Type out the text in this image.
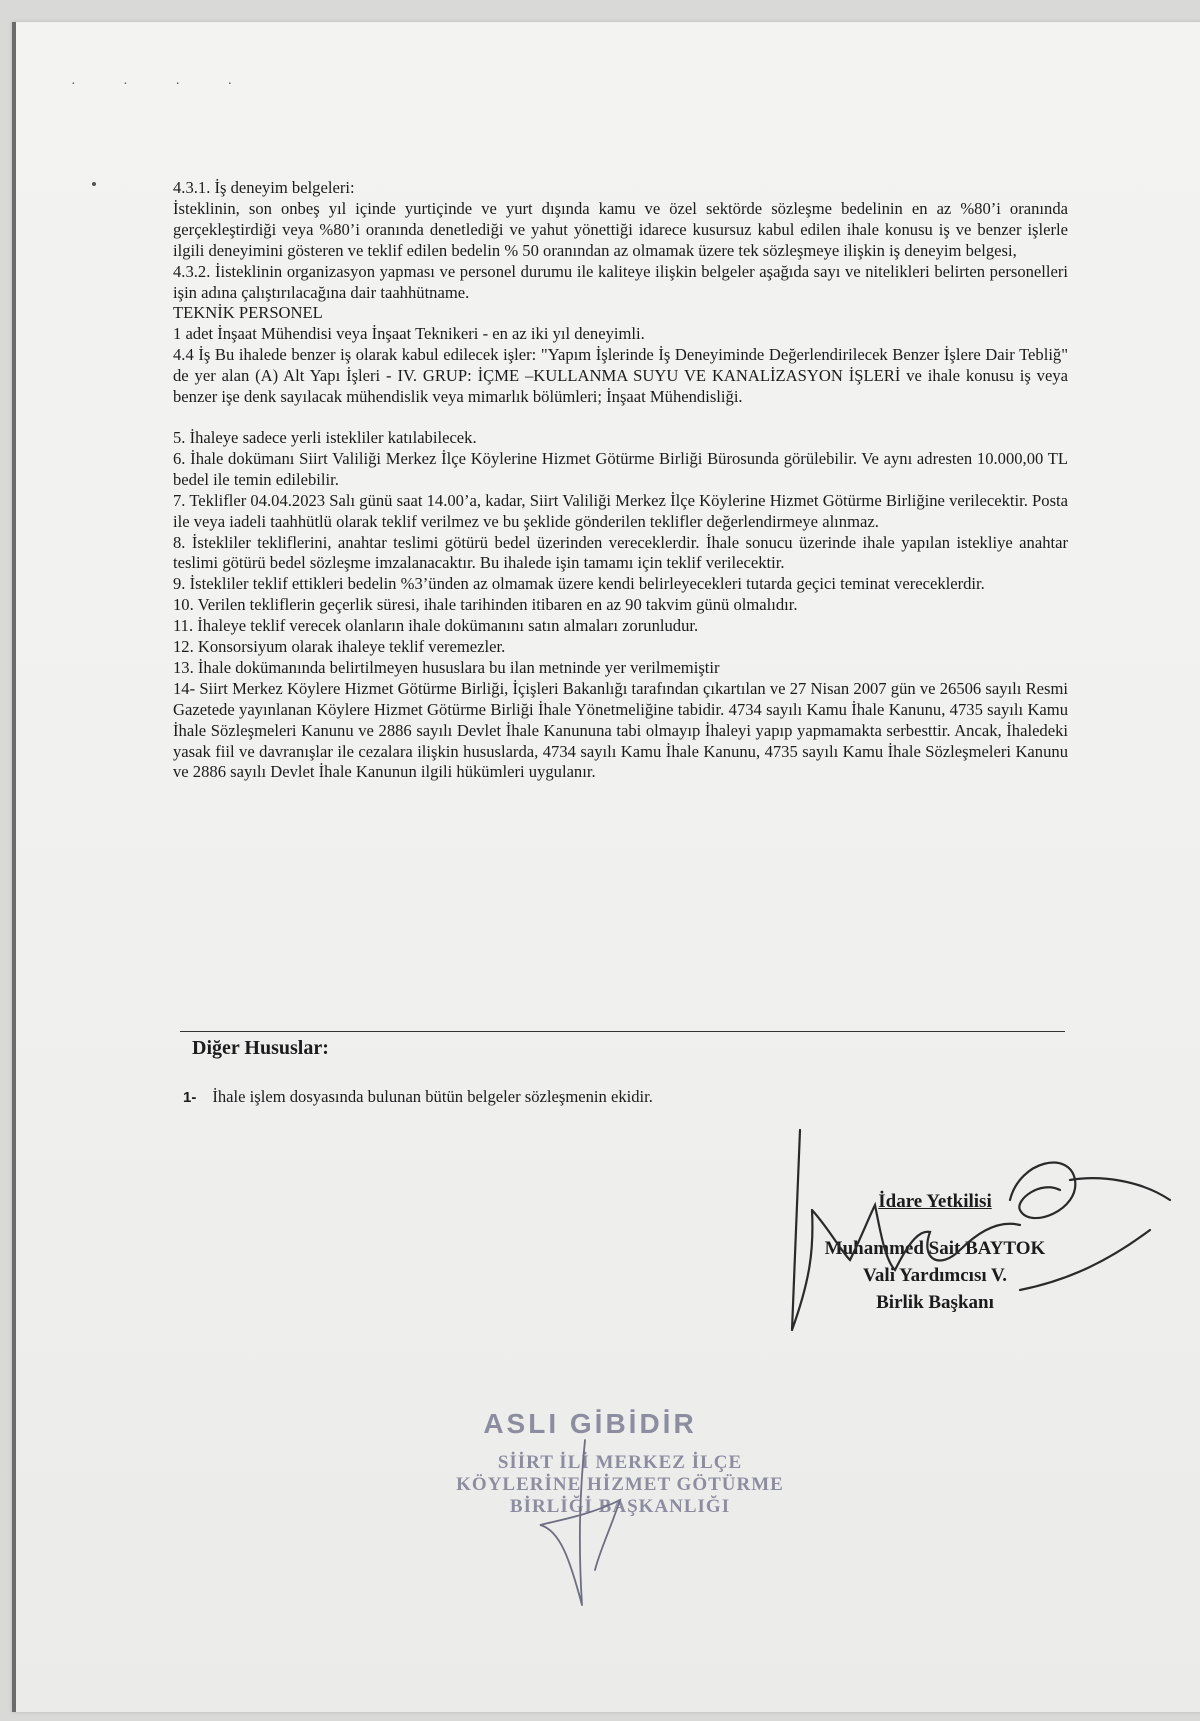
· · · ·

4.3.1. İş deneyim belgeleri:

İsteklinin, son onbeş yıl içinde yurtiçinde ve yurt dışında kamu ve özel sektörde sözleşme bedelinin en az %80’i oranında gerçekleştirdiği veya %80’i oranında denetlediği ve yahut yönettiği idarece kusursuz kabul edilen ihale konusu iş ve benzer işlerle ilgili deneyimini gösteren ve teklif edilen bedelin % 50 oranından az olmamak üzere tek sözleşmeye ilişkin iş deneyim belgesi,

4.3.2. İisteklinin organizasyon yapması ve personel durumu ile kaliteye ilişkin belgeler aşağıda sayı ve nitelikleri belirten personelleri işin adına çalıştırılacağına dair taahhütname.

TEKNİK PERSONEL

1 adet İnşaat Mühendisi veya İnşaat Teknikeri - en az iki yıl deneyimli.

4.4 İş Bu ihalede benzer iş olarak kabul edilecek işler: "Yapım İşlerinde İş Deneyiminde Değerlendirilecek Benzer İşlere Dair Tebliğ" de yer alan (A) Alt Yapı İşleri - IV. GRUP: İÇME –KULLANMA SUYU VE KANALİZASYON İŞLERİ ve ihale konusu iş veya benzer işe denk sayılacak mühendislik veya mimarlık bölümleri; İnşaat Mühendisliği.

5. İhaleye sadece yerli istekliler katılabilecek.

6. İhale dokümanı Siirt Valiliği Merkez İlçe Köylerine Hizmet Götürme Birliği Bürosunda görülebilir. Ve aynı adresten 10.000,00 TL bedel ile temin edilebilir.

7. Teklifler 04.04.2023 Salı günü saat 14.00’a, kadar, Siirt Valiliği Merkez İlçe Köylerine Hizmet Götürme Birliğine verilecektir. Posta ile veya iadeli taahhütlü olarak teklif verilmez ve bu şeklide gönderilen teklifler değerlendirmeye alınmaz.

8. İstekliler tekliflerini, anahtar teslimi götürü bedel üzerinden vereceklerdir. İhale sonucu üzerinde ihale yapılan istekliye anahtar teslimi götürü bedel sözleşme imzalanacaktır. Bu ihalede işin tamamı için teklif verilecektir.

9. İstekliler teklif ettikleri bedelin %3’ünden az olmamak üzere kendi belirleyecekleri tutarda geçici teminat vereceklerdir.

10. Verilen tekliflerin geçerlik süresi, ihale tarihinden itibaren en az 90 takvim günü olmalıdır.

11. İhaleye teklif verecek olanların ihale dokümanını satın almaları zorunludur.

12. Konsorsiyum olarak ihaleye teklif veremezler.

13. İhale dokümanında belirtilmeyen hususlara bu ilan metninde yer verilmemiştir

14- Siirt Merkez Köylere Hizmet Götürme Birliği, İçişleri Bakanlığı tarafından çıkartılan ve 27 Nisan 2007 gün ve 26506 sayılı Resmi Gazetede yayınlanan Köylere Hizmet Götürme Birliği İhale Yönetmeliğine tabidir. 4734 sayılı Kamu İhale Kanunu, 4735 sayılı Kamu İhale Sözleşmeleri Kanunu ve 2886 sayılı Devlet İhale Kanununa tabi olmayıp İhaleyi yapıp yapmamakta serbesttir. Ancak, İhaledeki yasak fiil ve davranışlar ile cezalara ilişkin hususlarda, 4734 sayılı Kamu İhale Kanunu, 4735 sayılı Kamu İhale Sözleşmeleri Kanunu ve 2886 sayılı Devlet İhale Kanunun ilgili hükümleri uygulanır.

Diğer Hususlar:
1- İhale işlem dosyasında bulunan bütün belgeler sözleşmenin ekidir.
İdare Yetkilisi
Muhammed Sait BAYTOK
Vali Yardımcısı V.
Birlik Başkanı
ASLI GİBİDİR
SİİRT İLİ MERKEZ İLÇE
KÖYLERİNE HİZMET GÖTÜRME
BİRLİĞİ BAŞKANLIĞI
